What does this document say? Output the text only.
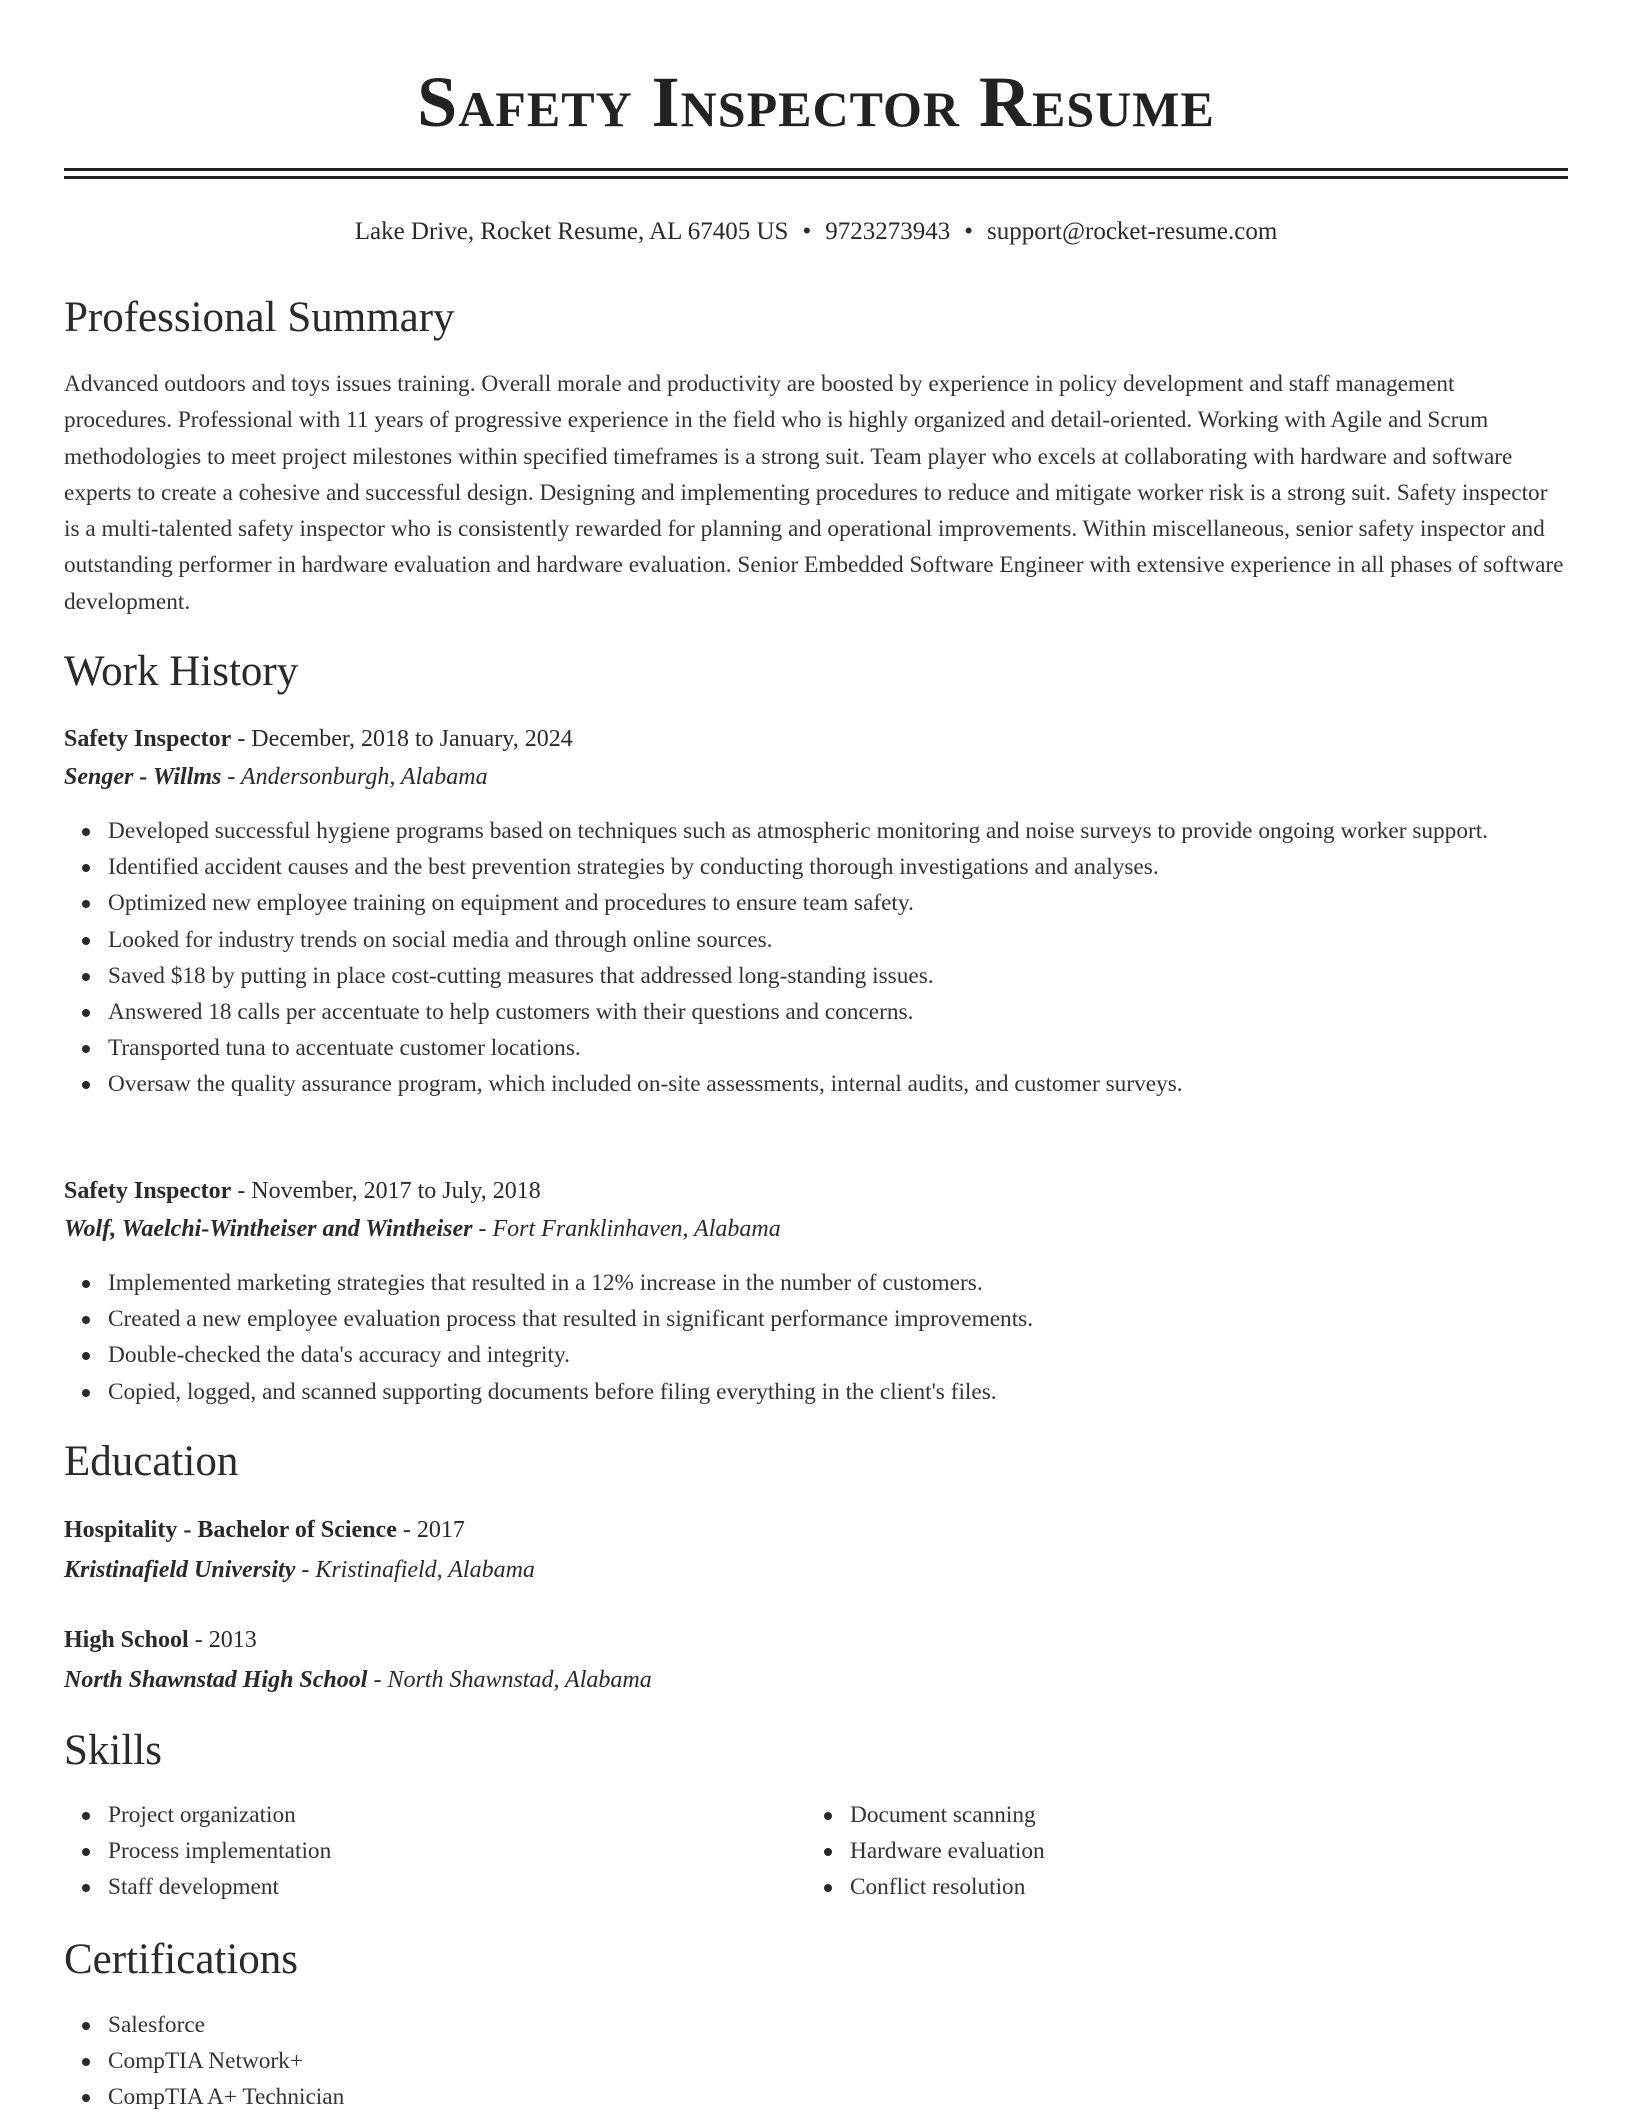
Safety Inspector Resume
Lake Drive, Rocket Resume, AL 67405 US • 9723273943 • support@rocket-resume.com
Professional Summary
Advanced outdoors and toys issues training. Overall morale and productivity are boosted by experience in policy development and staff management procedures. Professional with 11 years of progressive experience in the field who is highly organized and detail-oriented. Working with Agile and Scrum methodologies to meet project milestones within specified timeframes is a strong suit. Team player who excels at collaborating with hardware and software experts to create a cohesive and successful design. Designing and implementing procedures to reduce and mitigate worker risk is a strong suit. Safety inspector is a multi-talented safety inspector who is consistently rewarded for planning and operational improvements. Within miscellaneous, senior safety inspector and outstanding performer in hardware evaluation and hardware evaluation. Senior Embedded Software Engineer with extensive experience in all phases of software development.
Work History
Safety Inspector - December, 2018 to January, 2024
Senger - Willms - Andersonburgh, Alabama
Developed successful hygiene programs based on techniques such as atmospheric monitoring and noise surveys to provide ongoing worker support.
Identified accident causes and the best prevention strategies by conducting thorough investigations and analyses.
Optimized new employee training on equipment and procedures to ensure team safety.
Looked for industry trends on social media and through online sources.
Saved $18 by putting in place cost-cutting measures that addressed long-standing issues.
Answered 18 calls per accentuate to help customers with their questions and concerns.
Transported tuna to accentuate customer locations.
Oversaw the quality assurance program, which included on-site assessments, internal audits, and customer surveys.
Safety Inspector - November, 2017 to July, 2018
Wolf, Waelchi-Wintheiser and Wintheiser - Fort Franklinhaven, Alabama
Implemented marketing strategies that resulted in a 12% increase in the number of customers.
Created a new employee evaluation process that resulted in significant performance improvements.
Double-checked the data's accuracy and integrity.
Copied, logged, and scanned supporting documents before filing everything in the client's files.
Education
Hospitality - Bachelor of Science - 2017
Kristinafield University - Kristinafield, Alabama
High School - 2013
North Shawnstad High School - North Shawnstad, Alabama
Skills
Project organization
Process implementation
Staff development
Document scanning
Hardware evaluation
Conflict resolution
Certifications
Salesforce
CompTIA Network+
CompTIA A+ Technician
